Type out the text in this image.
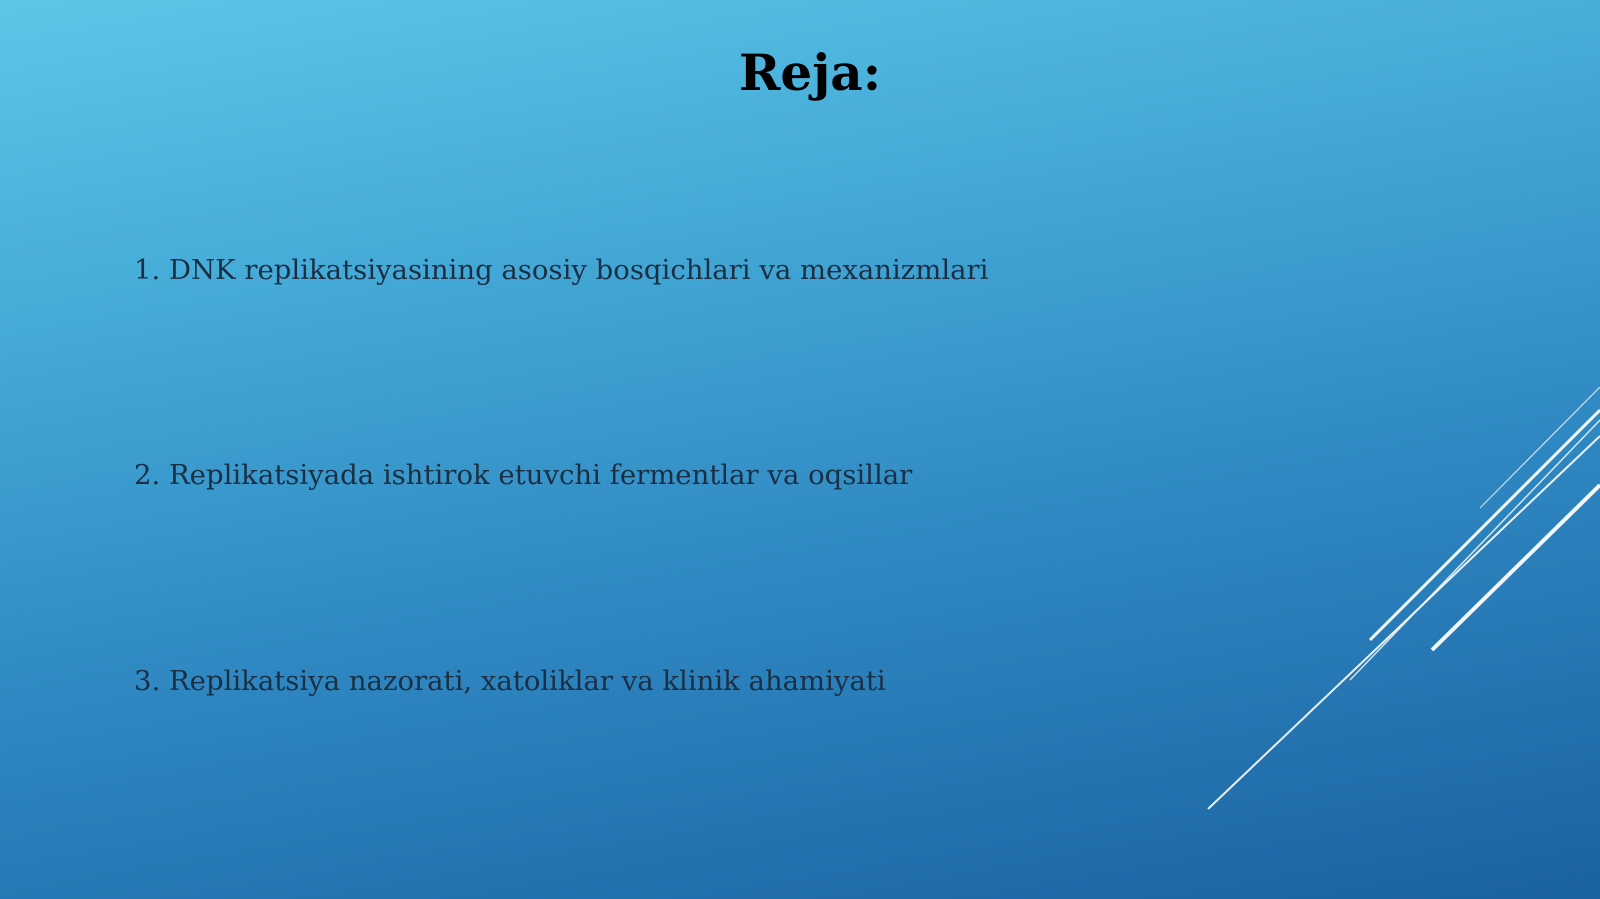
Reja:

1. DNK replikatsiyasining asosiy bosqichlari va mexanizmlari

2. Replikatsiyada ishtirok etuvchi fermentlar va oqsillar

3. Replikatsiya nazorati, xatoliklar va klinik ahamiyati
